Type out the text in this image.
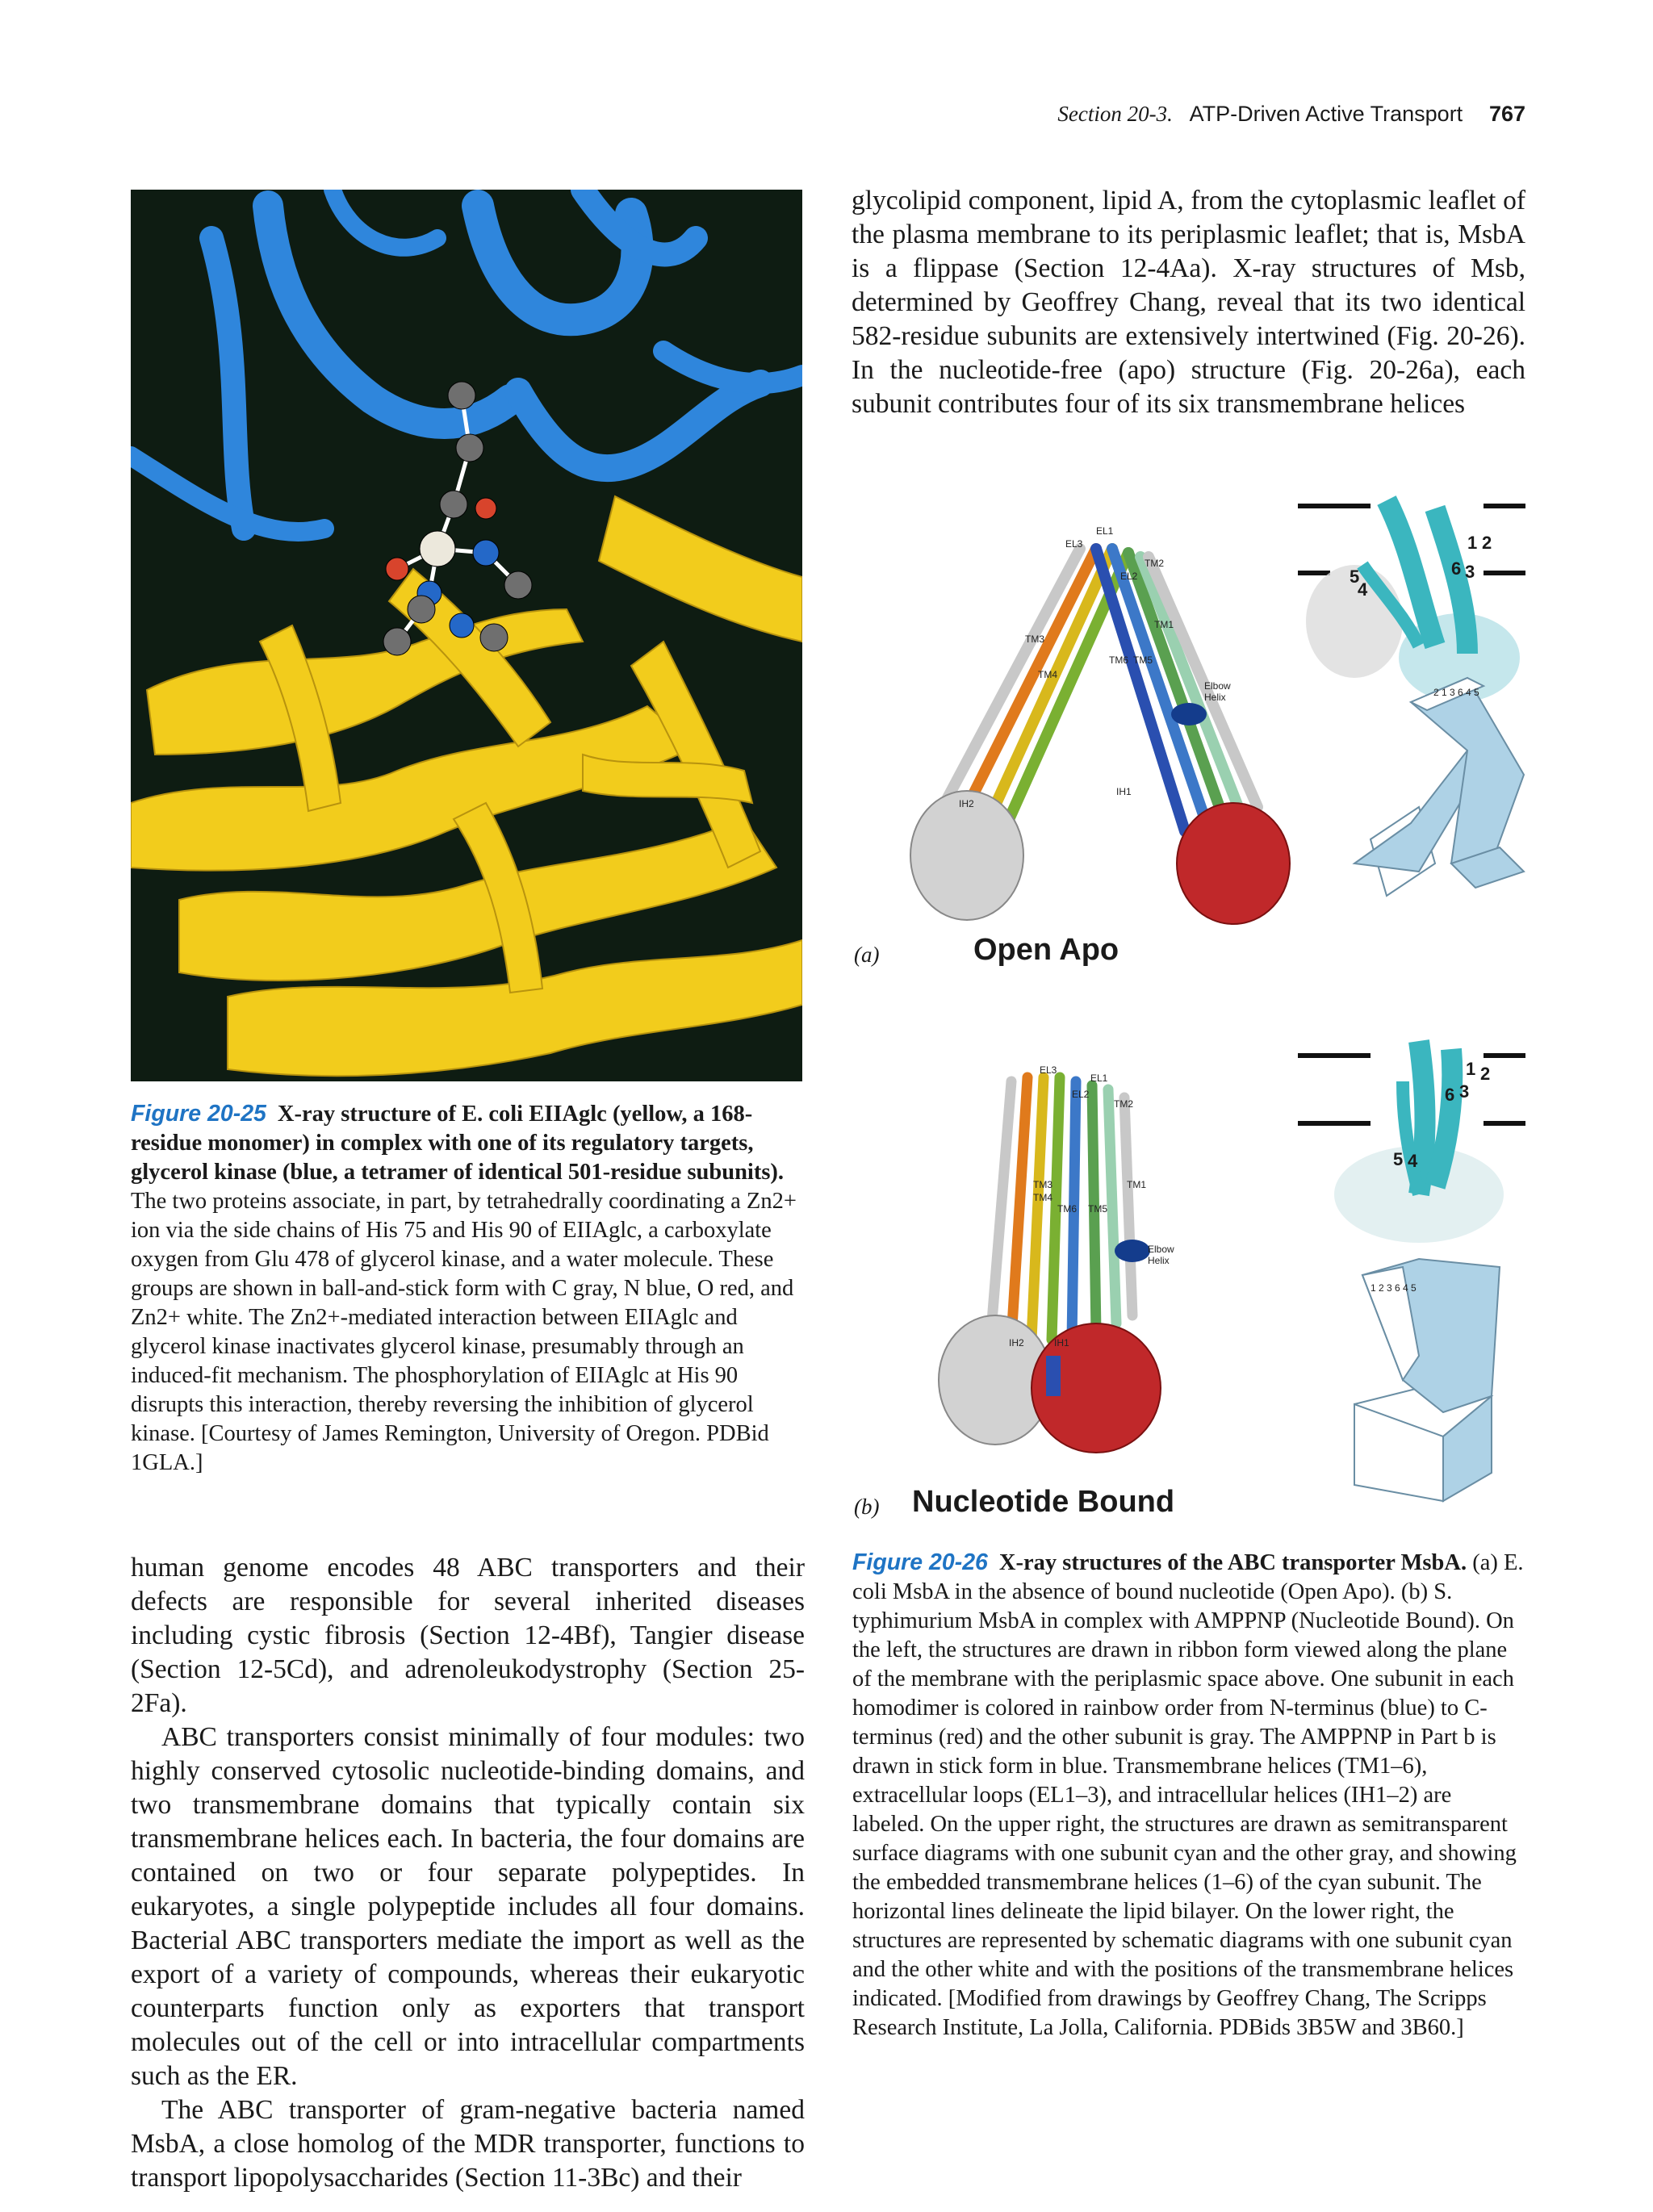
Section 20-3. ATP-Driven Active Transport 767
Figure 20-25 X-ray structure of E. coli EIIAglc (yellow, a 168-residue monomer) in complex with one of its regulatory targets, glycerol kinase (blue, a tetramer of identical 501-residue subunits). The two proteins associate, in part, by tetrahedrally coordinating a Zn2+ ion via the side chains of His 75 and His 90 of EIIAglc, a carboxylate oxygen from Glu 478 of glycerol kinase, and a water molecule. These groups are shown in ball-and-stick form with C gray, N blue, O red, and Zn2+ white. The Zn2+-mediated interaction between EIIAglc and glycerol kinase inactivates glycerol kinase, presumably through an induced-fit mechanism. The phosphorylation of EIIAglc at His 90 disrupts this interaction, thereby reversing the inhibition of glycerol kinase. [Courtesy of James Remington, University of Oregon. PDBid 1GLA.]

glycolipid component, lipid A, from the cytoplasmic leaflet of the plasma membrane to its periplasmic leaflet; that is, MsbA is a flippase (Section 12-4Aa). X-ray structures of Msb, determined by Geoffrey Chang, reveal that its two identical 582-residue subunits are extensively intertwined (Fig. 20-26). In the nucleotide-free (apo) structure (Fig. 20-26a), each subunit contributes four of its six transmembrane helices

EL1
EL3
TM2
EL2
TM1
TM3
TM6 TM5
TM4
Elbow
Helix
IH2
IH1
1 2
6 3
5
4
2 1 3 6 4 5
(a)	Open Apo
EL3
EL1
EL2
TM2
TM1
TM3
TM4
TM6 TM5
Elbow
Helix
IH2	IH1
1 2
6 3
5 4
1 2 3 6 4 5
(b) Nucleotide Bound
Figure 20-26 X-ray structures of the ABC transporter MsbA. (a) E. coli MsbA in the absence of bound nucleotide (Open Apo). (b) S. typhimurium MsbA in complex with AMPPNP (Nucleotide Bound). On the left, the structures are drawn in ribbon form viewed along the plane of the membrane with the periplasmic space above. One subunit in each homodimer is colored in rainbow order from N-terminus (blue) to C-terminus (red) and the other subunit is gray. The AMPPNP in Part b is drawn in stick form in blue. Transmembrane helices (TM1–6), extracellular loops (EL1–3), and intracellular helices (IH1–2) are labeled. On the upper right, the structures are drawn as semitransparent surface diagrams with one subunit cyan and the other gray, and showing the embedded transmembrane helices (1–6) of the cyan subunit. The horizontal lines delineate the lipid bilayer. On the lower right, the structures are represented by schematic diagrams with one subunit cyan and the other white and with the positions of the transmembrane helices indicated. [Modified from drawings by Geoffrey Chang, The Scripps Research Institute, La Jolla, California. PDBids 3B5W and 3B60.]

human genome encodes 48 ABC transporters and their defects are responsible for several inherited diseases including cystic fibrosis (Section 12-4Bf), Tangier disease (Section 12-5Cd), and adrenoleukodystrophy (Section 25-2Fa).

ABC transporters consist minimally of four modules: two highly conserved cytosolic nucleotide-binding domains, and two transmembrane domains that typically contain six transmembrane helices each. In bacteria, the four domains are contained on two or four separate polypeptides. In eukaryotes, a single polypeptide includes all four domains. Bacterial ABC transporters mediate the import as well as the export of a variety of compounds, whereas their eukaryotic counterparts function only as exporters that transport molecules out of the cell or into intracellular compartments such as the ER.

The ABC transporter of gram-negative bacteria named MsbA, a close homolog of the MDR transporter, functions to transport lipopolysaccharides (Section 11-3Bc) and their
